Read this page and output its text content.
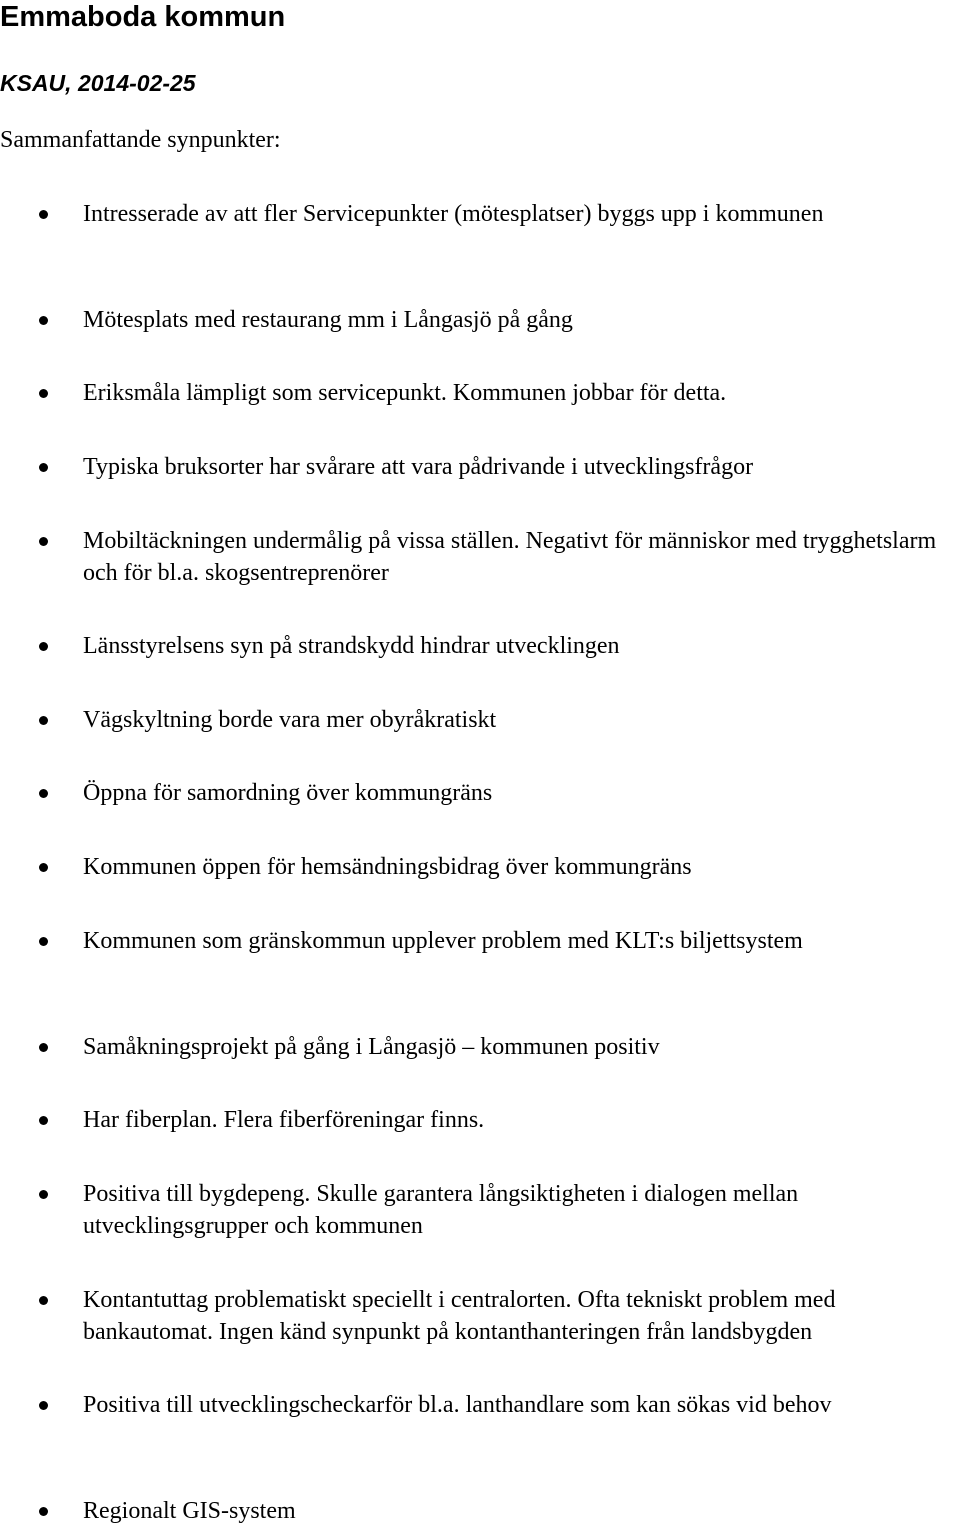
Emmaboda kommun

KSAU, 2014-02-25

Sammanfattande synpunkter:

Intresserade av att fler Servicepunkter (mötesplatser) byggs upp i kommunen
Mötesplats med restaurang mm i Långasjö på gång
Eriksmåla lämpligt som servicepunkt. Kommunen jobbar för detta.
Typiska bruksorter har svårare att vara pådrivande i utvecklingsfrågor
Mobiltäckningen undermålig på vissa ställen. Negativt för människor med trygghetslarm och för bl.a. skogsentreprenörer
Länsstyrelsens syn på strandskydd hindrar utvecklingen
Vägskyltning borde vara mer obyråkratiskt
Öppna för samordning över kommungräns
Kommunen öppen för hemsändningsbidrag över kommungräns
Kommunen som gränskommun upplever problem med KLT:s biljettsystem
Samåkningsprojekt på gång i Långasjö – kommunen positiv
Har fiberplan. Flera fiberföreningar finns.
Positiva till bygdepeng. Skulle garantera långsiktigheten i dialogen mellan utvecklingsgrupper och kommunen
Kontantuttag problematiskt speciellt i centralorten. Ofta tekniskt problem med bankautomat. Ingen känd synpunkt på kontanthanteringen från landsbygden
Positiva till utvecklingscheckarför bl.a. lanthandlare som kan sökas vid behov
Regionalt GIS-system
